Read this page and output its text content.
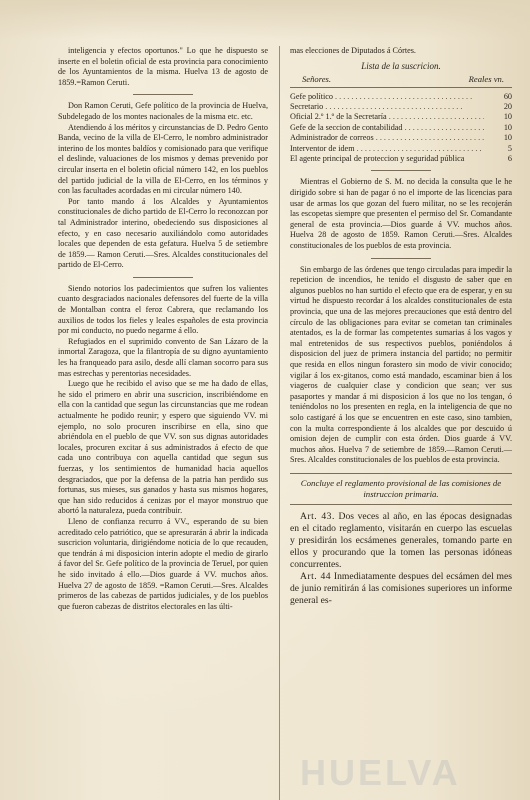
inteligencia y efectos oportunos." Lo que he dispuesto se inserte en el boletin oficial de esta provincia para conocimiento de los Ayuntamientos de la misma. Huelva 13 de agosto de 1859.=Ramon Ceruti.

Don Ramon Ceruti, Gefe político de la provincia de Huelva, Subdelegado de los montes nacionales de la misma etc. etc.

Atendiendo á los méritos y circunstancias de D. Pedro Gento Banda, vecino de la villa de El-Cerro, le nombro administrador interino de los montes baldíos y comisionado para que verifique el deslinde, valuaciones de los mismos y demas prevenido por circular inserta en el boletin oficial número 142, en los pueblos del partido judicial de la villa de El-Cerro, en los términos y con las facultades acordadas en mi circular número 140.

Por tanto mando á los Alcaldes y Ayuntamientos constitucionales de dicho partido de El-Cerro lo reconozcan por tal Administrador interino, obedeciendo sus disposiciones al efecto, y en caso necesario auxiliándolo como autoridades locales que dependen de esta gefatura. Huelva 5 de setiembre de 1859.— Ramon Ceruti.—Sres. Alcaldes constitucionales del partido de El-Cerro.

Siendo notorios los padecimientos que sufren los valientes cuanto desgraciados nacionales defensores del fuerte de la villa de Montalban contra el feroz Cabrera, que reclamando los auxilios de todos los fieles y leales españoles de esta provincia por mi conducto, no puedo negarme á ello.

Refugiados en el suprimido convento de San Lázaro de la inmortal Zaragoza, que la filantropía de su digno ayuntamiento les ha franqueado para asilo, desde allí claman socorro para sus mas estrechas y perentorias necesidades.

Luego que he recibido el aviso que se me ha dado de ellas, he sido el primero en abrir una suscricion, inscribiéndome en ella con la cantidad que segun las circunstancias que me rodean actualmente he podido reunir; y espero que siguiendo VV. mi ejemplo, no solo procuren inscribirse en ella, sino que abriéndola en el pueblo de que VV. son sus dignas autoridades locales, procuren excitar á sus administrados á efecto de que cada uno contribuya con aquella cantidad que segun sus fuerzas, y los sentimientos de humanidad hacia aquellos desgraciados, que por la defensa de la patria han perdido sus fortunas, sus mieses, sus ganados y hasta sus mismos hogares, que han sido reducidos á cenizas por el mayor monstruo que abortó la naturaleza, pueda contribuir.

Lleno de confianza recurro á VV., esperando de su bien acreditado celo patriótico, que se apresurarán á abrir la indicada suscricion voluntaria, dirigiéndome noticia de lo que recauden, que tendrán á mi disposicion interin adopte el medio de girarlo á favor del Sr. Gefe político de la provincia de Teruel, por quien he sido invitado á ello.—Dios guarde á VV. muchos años. Huelva 27 de agosto de 1859. =Ramon Ceruti.—Sres. Alcaldes primeros de las cabezas de partidos judiciales, y de los pueblos que fueron cabezas de distritos electorales en las últi-

mas elecciones de Diputados á Córtes.

Lista de la suscricion.
Señores.	Reales vn.
Gefe político . . .	60
Secretario . . .	20
Oficial 2.º 1.º de la Secretaría . . .	10
Gefe de la seccion de contabilidad . . .	10
Administrador de correos . . .	10
Interventor de idem . . .	5
El agente principal de proteccion y seguridad pública	6

Mientras el Gobierno de S. M. no decida la consulta que le he dirigido sobre si han de pagar ó no el importe de las licencias para usar de armas los que gozan del fuero militar, no se les recojerán las escopetas siempre que presenten el permiso del Sr. Comandante general de esta provincia.—Dios guarde á VV. muchos años. Huelva 28 de agosto de 1859. Ramon Ceruti.—Sres. Alcaldes constitucionales de los pueblos de esta provincia.

Sin embargo de las órdenes que tengo circuladas para impedir la repeticion de incendios, he tenido el disgusto de saber que en algunos pueblos no han surtido el efecto que era de esperar, y en su virtud he dispuesto recordar á los alcaldes constitucionales de esta provincia, que una de las mejores precauciones que está dentro del círculo de las obligaciones para evitar se cometan tan criminales atentados, es la de formar las competentes sumarias á los vagos y mal entretenidos de sus respectivos pueblos, poniéndolos á disposicion del juez de primera instancia del partido; no permitir que resida en ellos ningun forastero sin modo de vivir conocido; vigilar á los ex-gitanos, como está mandado, escaminar bien á los viageros de cualquier clase y condicion que sean; ver sus pasaportes y mandar á mi disposicion á los que no los tengan, ó teniéndolos no los presenten en regla, en la inteligencia de que no solo castigaré á los que se encuentren en este caso, sino tambien, con la multa correspondiente á los alcaldes que por descuido ú omision dejen de cumplir con esta órden. Dios guarde á VV. muchos años. Huelva 7 de setiembre de 1859.—Ramon Ceruti.—Sres. Alcaldes constitucionales de los pueblos de esta provincia.

Concluye el reglamento provisional de las comisiones de instruccion primaria.

Art. 43. Dos veces al año, en las épocas designadas en el citado reglamento, visitarán en cuerpo las escuelas y presidirán los ecsámenes generales, tomando parte en ellos y procurando que la tomen las personas idóneas concurrentes.

Art. 44 Inmediatamente despues del ecsámen del mes de junio remitirán á las comisiones superiores un informe general es-

HUELVA
